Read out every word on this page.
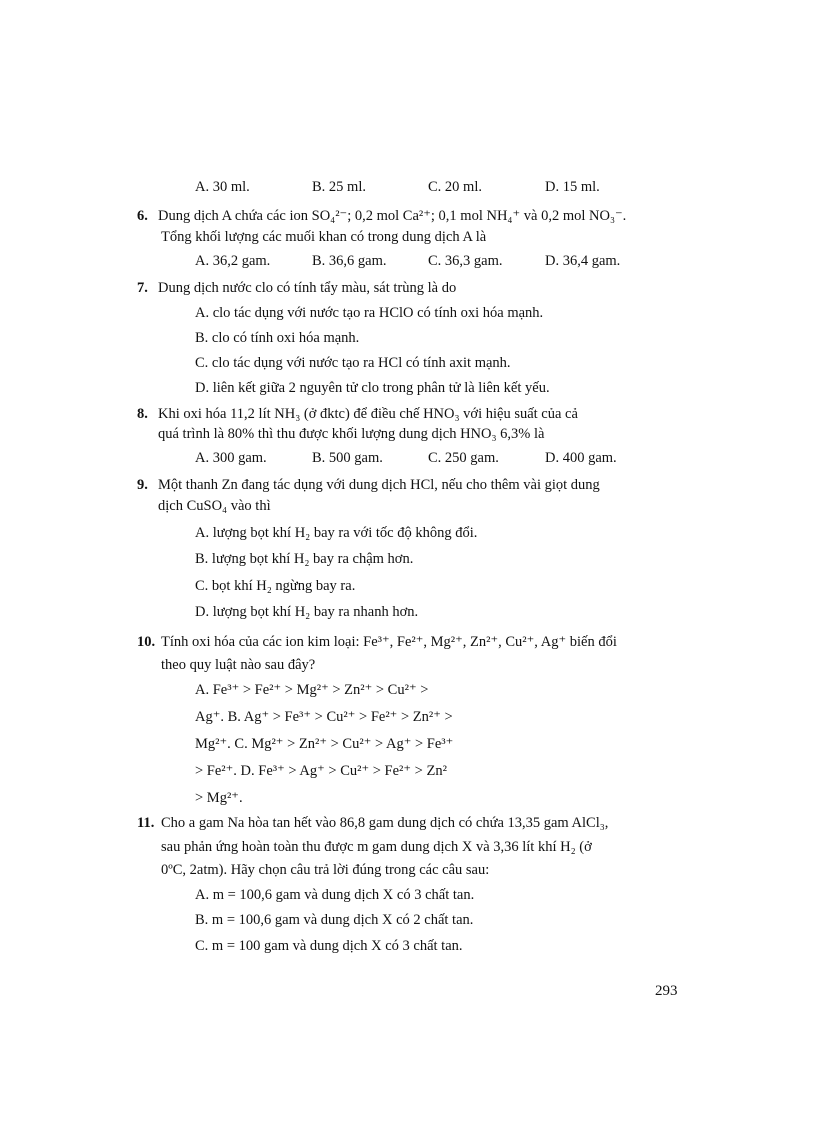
A. 30 ml.	B. 25 ml.	C. 20 ml.	D. 15 ml.
6. Dung dịch A chứa các ion SO₄²⁻; 0,2 mol Ca²⁺; 0,1 mol NH₄⁺ và 0,2 mol NO₃⁻.
Tổng khối lượng các muối khan có trong dung dịch A là
A. 36,2 gam.	B. 36,6 gam.	C. 36,3 gam.	D. 36,4 gam.
7. Dung dịch nước clo có tính tẩy màu, sát trùng là do
A. clo tác dụng với nước tạo ra HClO có tính oxi hóa mạnh.
B. clo có tính oxi hóa mạnh.
C. clo tác dụng với nước tạo ra HCl có tính axit mạnh.
D. liên kết giữa 2 nguyên tử clo trong phân tử là liên kết yếu.
8. Khi oxi hóa 11,2 lít NH₃ (ở đktc) để điều chế HNO₃ với hiệu suất của cả
quá trình là 80% thì thu được khối lượng dung dịch HNO₃ 6,3% là
A. 300 gam.	B. 500 gam.	C. 250 gam.	D. 400 gam.
9. Một thanh Zn đang tác dụng với dung dịch HCl, nếu cho thêm vài giọt dung
dịch CuSO₄ vào thì
A. lượng bọt khí H₂ bay ra với tốc độ không đổi.
B. lượng bọt khí H₂ bay ra chậm hơn.
C. bọt khí H₂ ngừng bay ra.
D. lượng bọt khí H₂ bay ra nhanh hơn.
10. Tính oxi hóa của các ion kim loại: Fe³⁺, Fe²⁺, Mg²⁺, Zn²⁺, Cu²⁺, Ag⁺ biến đổi
theo quy luật nào sau đây?
A. Fe³⁺ > Fe²⁺ > Mg²⁺ > Zn²⁺ > Cu²⁺ >
Ag⁺. B. Ag⁺ > Fe³⁺ > Cu²⁺ > Fe²⁺ > Zn²⁺ >
Mg²⁺. C. Mg²⁺ > Zn²⁺ > Cu²⁺ > Ag⁺ > Fe³⁺
> Fe²⁺. D. Fe³⁺ > Ag⁺ > Cu²⁺ > Fe²⁺ > Zn²
> Mg²⁺.
11. Cho a gam Na hòa tan hết vào 86,8 gam dung dịch có chứa 13,35 gam AlCl₃,
sau phản ứng hoàn toàn thu được m gam dung dịch X và 3,36 lít khí H₂ (ở
0ºC, 2atm). Hãy chọn câu trả lời đúng trong các câu sau:
A. m = 100,6 gam và dung dịch X có 3 chất tan.
B. m = 100,6 gam và dung dịch X có 2 chất tan.
C. m = 100 gam và dung dịch X có 3 chất tan.
293
